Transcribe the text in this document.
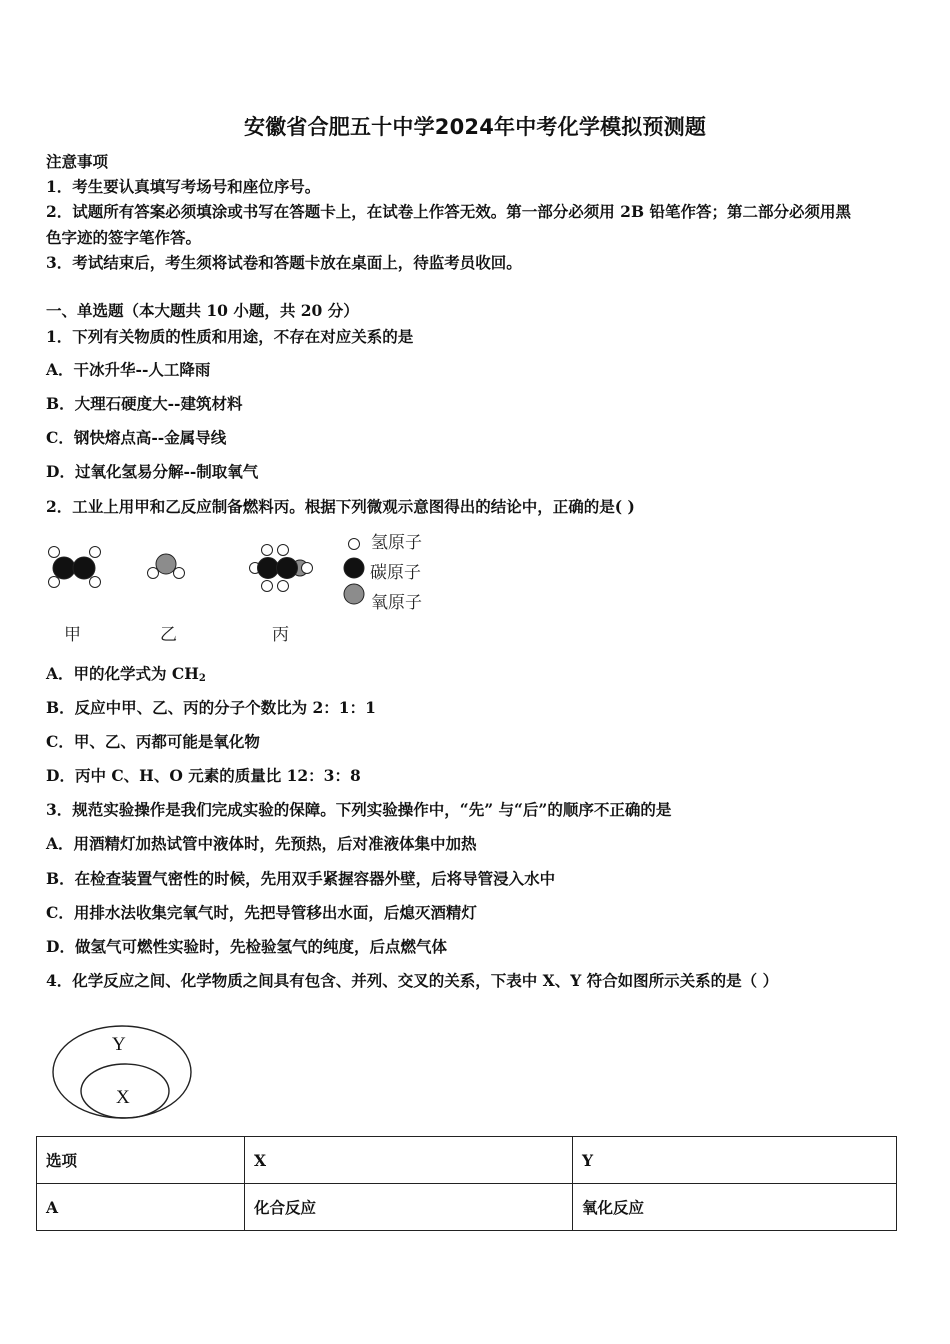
安徽省合肥五十中学2024年中考化学模拟预测题
注意事项
1．考生要认真填写考场号和座位序号。
2．试题所有答案必须填涂或书写在答题卡上，在试卷上作答无效。第一部分必须用 2B 铅笔作答；第二部分必须用黑
色字迹的签字笔作答。
3．考试结束后，考生须将试卷和答题卡放在桌面上，待监考员收回。
一、单选题（本大题共 10 小题，共 20 分）
1．下列有关物质的性质和用途，不存在对应关系的是
A．干冰升华--人工降雨
B．大理石硬度大--建筑材料
C．钢快熔点高--金属导线
D．过氧化氢易分解--制取氧气
2．工业上用甲和乙反应制备燃料丙。根据下列微观示意图得出的结论中，正确的是( )
氢原子
碳原子
氧原子
甲	乙	丙
A．甲的化学式为 $CH_2$
B．反应中甲、乙、丙的分子个数比为 2：1：1
C．甲、乙、丙都可能是氧化物
D．丙中 C、H、O 元素的质量比 12：3：8
3．规范实验操作是我们完成实验的保障。下列实验操作中，“先” 与“后”的顺序不正确的是
A．用酒精灯加热试管中液体时，先预热，后对准液体集中加热
B．在检查装置气密性的时候，先用双手紧握容器外壁，后将导管浸入水中
C．用排水法收集完氧气时，先把导管移出水面，后熄灭酒精灯
D．做氢气可燃性实验时，先检验氢气的纯度，后点燃气体
4．化学反应之间、化学物质之间具有包含、并列、交叉的关系，下表中 X、Y 符合如图所示关系的是（ ）
Y
X
选项	X	Y
A	化合反应	氧化反应
